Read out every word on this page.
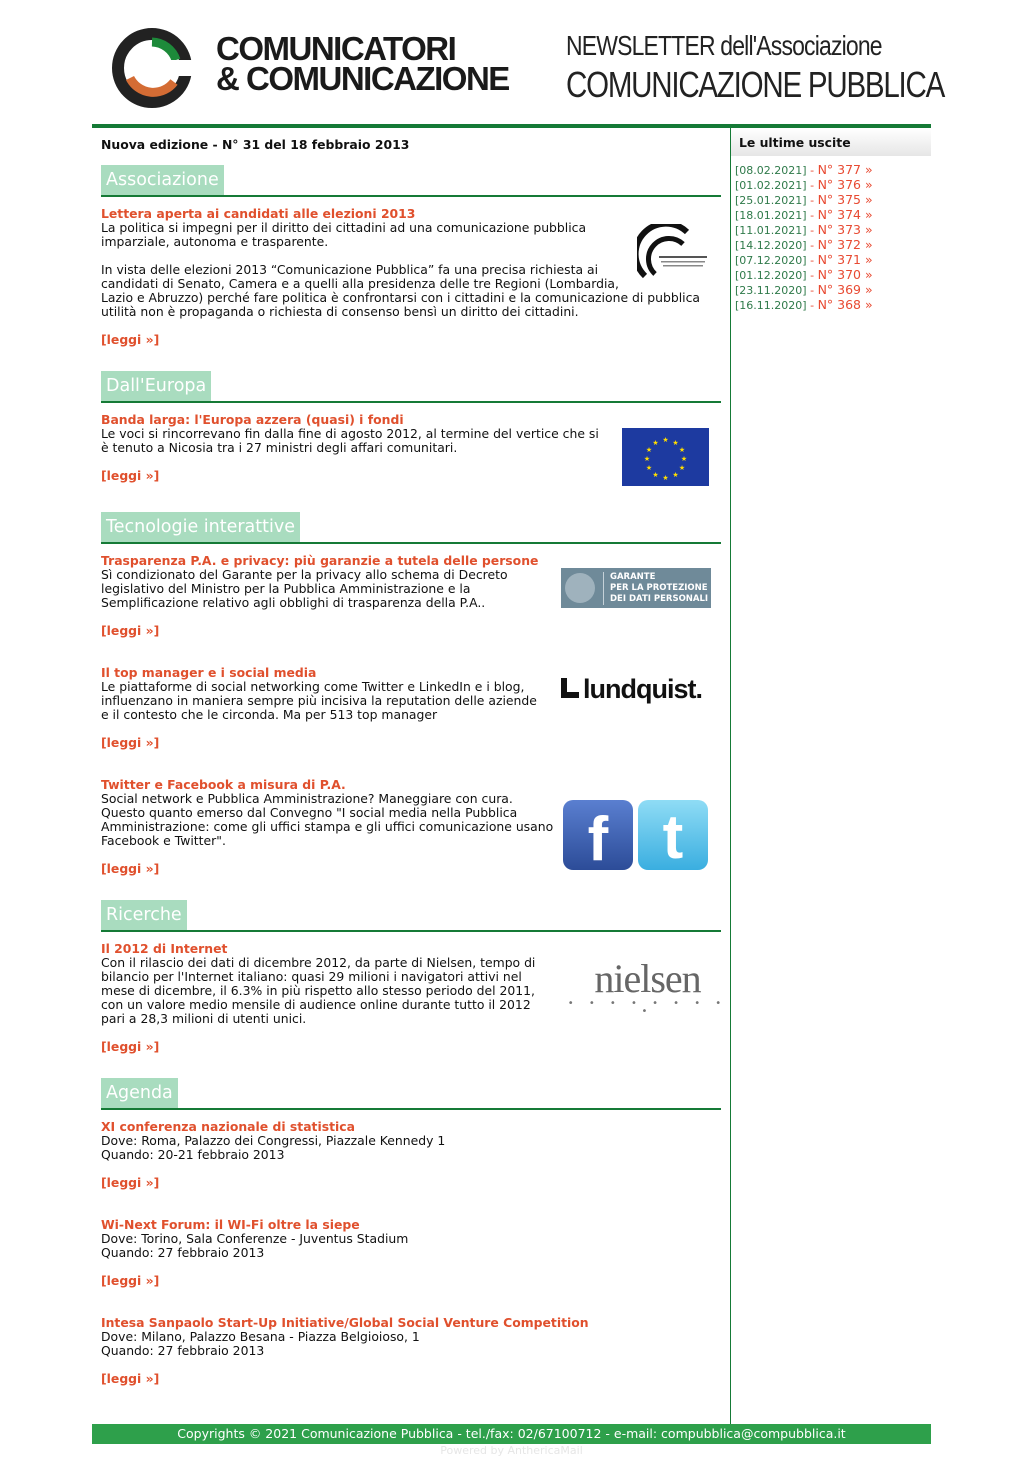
COMUNICATORI
& COMUNICAZIONE
NEWSLETTER dell'Associazione
COMUNICAZIONE PUBBLICA
Nuova edizione - N° 31 del 18 febbraio 2013
Associazione
Lettera aperta ai candidati alle elezioni 2013
La politica si impegni per il diritto dei cittadini ad una comunicazione pubblica
imparziale, autonoma e trasparente.

In vista delle elezioni 2013 “Comunicazione Pubblica” fa una precisa richiesta ai
candidati di Senato, Camera e a quelli alla presidenza delle tre Regioni (Lombardia,
Lazio e Abruzzo) perché fare politica è confrontarsi con i cittadini e la comunicazione di pubblica
utilità non è propaganda o richiesta di consenso bensì un diritto dei cittadini.
[leggi »]
Dall'Europa
Banda larga: l'Europa azzera (quasi) i fondi
Le voci si rincorrevano fin dalla fine di agosto 2012, al termine del vertice che si
è tenuto a Nicosia tra i 27 ministri degli affari comunitari.
[leggi »]
★ ★
★
★
★
★
★
★
★
★
★
★
Tecnologie interattive
Trasparenza P.A. e privacy: più garanzie a tutela delle persone
Sì condizionato del Garante per la privacy allo schema di Decreto
legislativo del Ministro per la Pubblica Amministrazione e la
Semplificazione relativo agli obblighi di trasparenza della P.A..
[leggi »]
GARANTE
PER LA PROTEZIONE
DEI DATI PERSONALI
Il top manager e i social media
Le piattaforme di social networking come Twitter e LinkedIn e i blog,
influenzano in maniera sempre più incisiva la reputation delle aziende
e il contesto che le circonda. Ma per 513 top manager
[leggi »]
lundquist.
Twitter e Facebook a misura di P.A.
Social network e Pubblica Amministrazione? Maneggiare con cura.
Questo quanto emerso dal Convegno "I social media nella Pubblica
Amministrazione: come gli uffici stampa e gli uffici comunicazione usano
Facebook e Twitter".
[leggi »]	f t
Ricerche
Il 2012 di Internet
Con il rilascio dei dati di dicembre 2012, da parte di Nielsen, tempo di
bilancio per l'Internet italiano: quasi 29 milioni i navigatori attivi nel
mese di dicembre, il 6.3% in più rispetto allo stesso periodo del 2011,
con un valore medio mensile di audience online durante tutto il 2012
pari a 28,3 milioni di utenti unici.
[leggi »]
nielsen
• • • • • • • • •
Agenda
XI conferenza nazionale di statistica
Dove: Roma, Palazzo dei Congressi, Piazzale Kennedy 1
Quando: 20-21 febbraio 2013
[leggi »]
Wi-Next Forum: il WI-Fi oltre la siepe
Dove: Torino, Sala Conferenze - Juventus Stadium
Quando: 27 febbraio 2013
[leggi »]
Intesa Sanpaolo Start-Up Initiative/Global Social Venture Competition
Dove: Milano, Palazzo Besana - Piazza Belgioioso, 1
Quando: 27 febbraio 2013
[leggi »]
Le ultime uscite
[08.02.2021] - N° 377 »
[01.02.2021] - N° 376 »
[25.01.2021] - N° 375 »
[18.01.2021] - N° 374 »
[11.01.2021] - N° 373 »
[14.12.2020] - N° 372 »
[07.12.2020] - N° 371 »
[01.12.2020] - N° 370 »
[23.11.2020] - N° 369 »
[16.11.2020] - N° 368 »
Copyrights © 2021 Comunicazione Pubblica - tel./fax: 02/67100712 - e-mail: compubblica@compubblica.it
Powered by AnthericaMail
